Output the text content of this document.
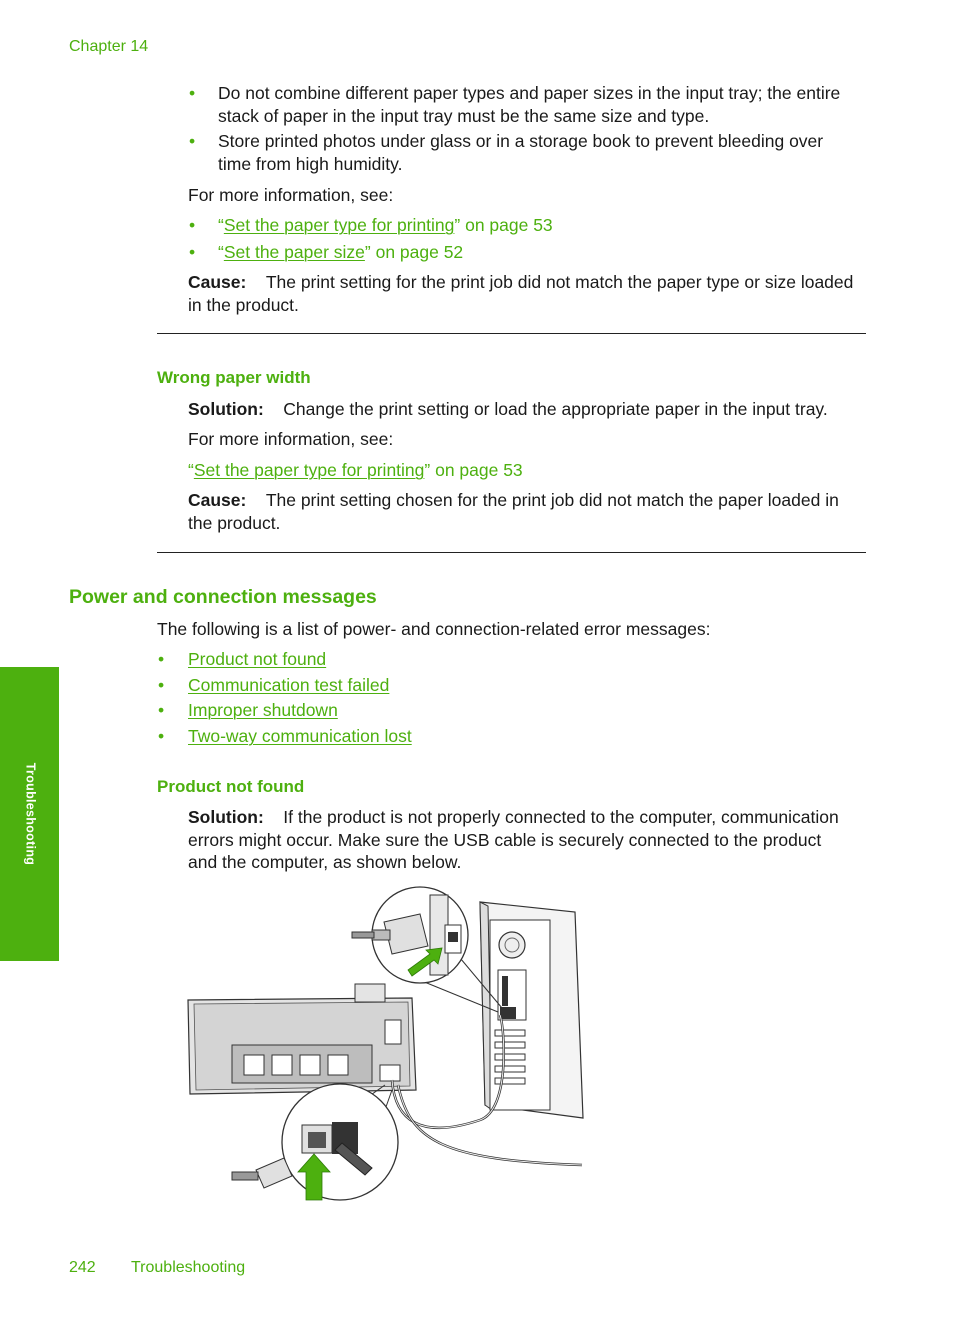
Chapter 14
• Do not combine different paper types and paper sizes in the input tray; the entire
stack of paper in the input tray must be the same size and type.
• Store printed photos under glass or in a storage book to prevent bleeding over
time from high humidity.
For more information, see:
• “Set the paper type for printing” on page 53
• “Set the paper size” on page 52
Cause: The print setting for the print job did not match the paper type or size loaded
in the product.
Wrong paper width
Solution: Change the print setting or load the appropriate paper in the input tray.
For more information, see:
“Set the paper type for printing” on page 53
Cause: The print setting chosen for the print job did not match the paper loaded in
the product.
Power and connection messages
The following is a list of power- and connection-related error messages:
• Product not found
• Communication test failed
• Improper shutdown
• Two-way communication lost
Product not found
Solution: If the product is not properly connected to the computer, communication
errors might occur. Make sure the USB cable is securely connected to the product
and the computer, as shown below.
Troubleshooting
242 Troubleshooting
